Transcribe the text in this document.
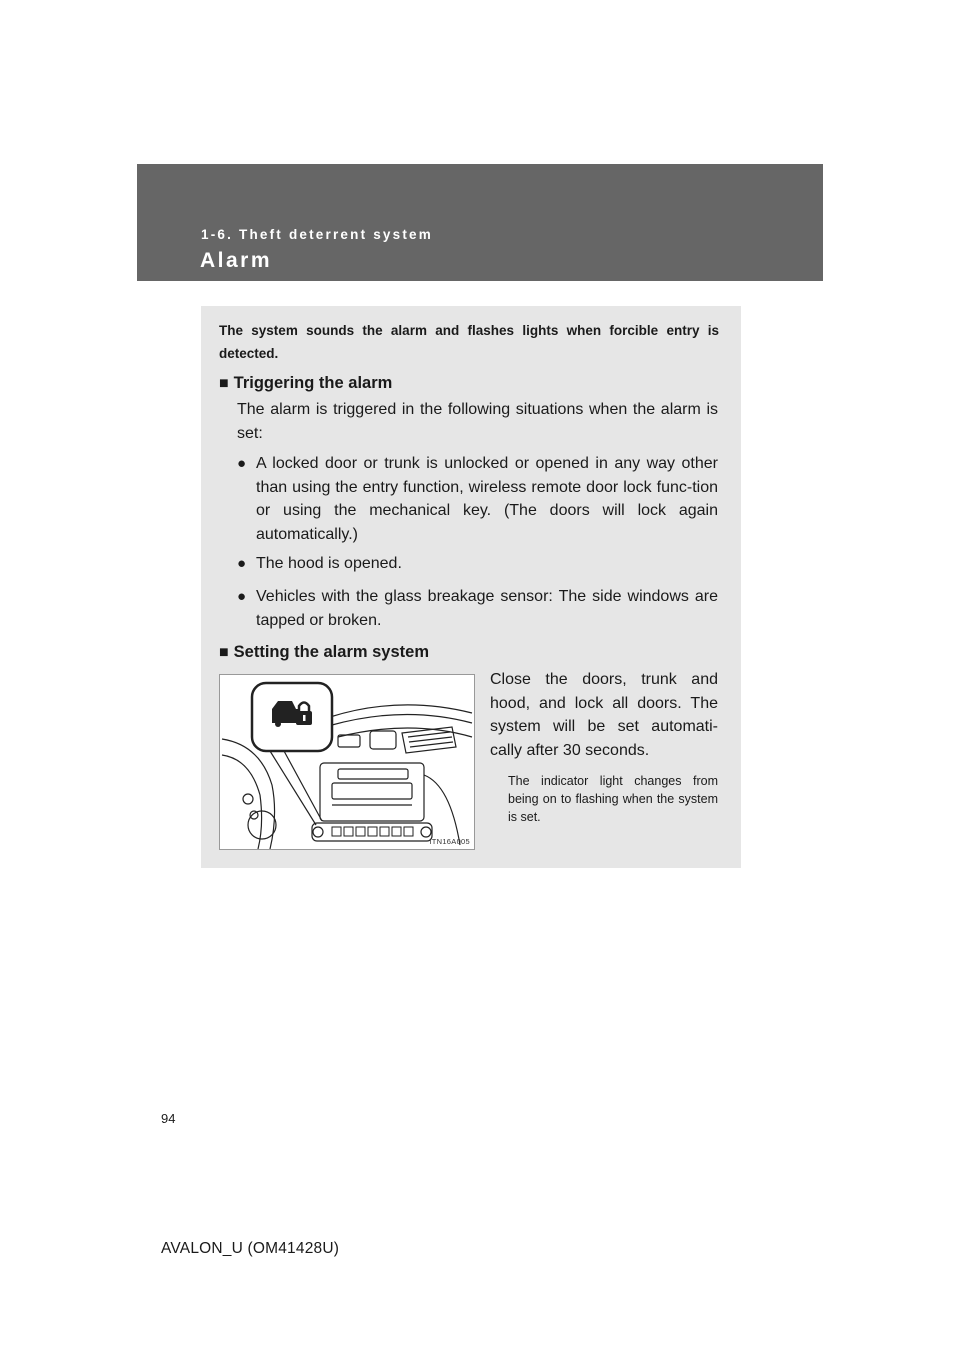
1-6. Theft deterrent system
Alarm
The system sounds the alarm and flashes lights when forcible entry is detected.
■ Triggering the alarm
The alarm is triggered in the following situations when the alarm is set:
● A locked door or trunk is unlocked or opened in any way other than using the entry function, wireless remote door lock func-tion or using the mechanical key. (The doors will lock again automatically.)
● The hood is opened.
● Vehicles with the glass breakage sensor: The side windows are tapped or broken.
■ Setting the alarm system
ITN16A005
Close the doors, trunk and hood, and lock all doors. The system will be set automati-cally after 30 seconds.
The indicator light changes from being on to flashing when the system is set.
94
AVALON_U (OM41428U)
